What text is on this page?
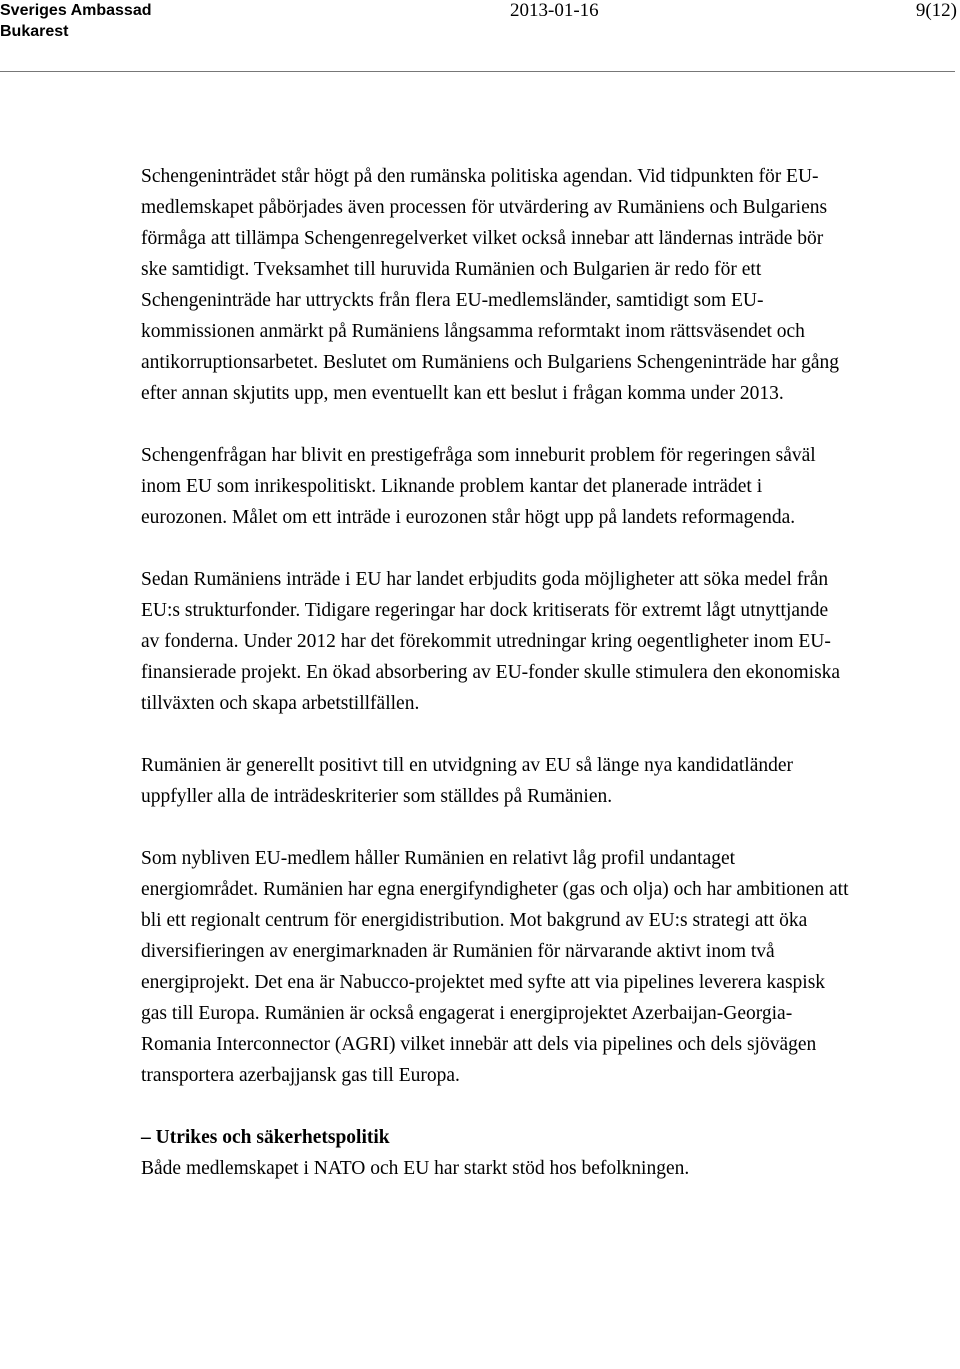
Sveriges Ambassad
Bukarest
2013-01-16	9(12)

Schengeninträdet står högt på den rumänska politiska agendan. Vid tidpunkten för EU-medlemskapet påbörjades även processen för utvärdering av Rumäniens och Bulgariens förmåga att tillämpa Schengenregelverket vilket också innebar att ländernas inträde bör ske samtidigt. Tveksamhet till huruvida Rumänien och Bulgarien är redo för ett Schengeninträde har uttryckts från flera EU-medlemsländer, samtidigt som EU-kommissionen anmärkt på Rumäniens långsamma reformtakt inom rättsväsendet och antikorruptionsarbetet. Beslutet om Rumäniens och Bulgariens Schengeninträde har gång efter annan skjutits upp, men eventuellt kan ett beslut i frågan komma under 2013.

Schengenfrågan har blivit en prestigefråga som inneburit problem för regeringen såväl inom EU som inrikespolitiskt. Liknande problem kantar det planerade inträdet i eurozonen. Målet om ett inträde i eurozonen står högt upp på landets reformagenda.

Sedan Rumäniens inträde i EU har landet erbjudits goda möjligheter att söka medel från EU:s strukturfonder. Tidigare regeringar har dock kritiserats för extremt lågt utnyttjande av fonderna. Under 2012 har det förekommit utredningar kring oegentligheter inom EU-finansierade projekt. En ökad absorbering av EU-fonder skulle stimulera den ekonomiska tillväxten och skapa arbetstillfällen.

Rumänien är generellt positivt till en utvidgning av EU så länge nya kandidatländer uppfyller alla de inträdeskriterier som ställdes på Rumänien.

Som nybliven EU-medlem håller Rumänien en relativt låg profil undantaget energiområdet. Rumänien har egna energifyndigheter (gas och olja) och har ambitionen att bli ett regionalt centrum för energidistribution. Mot bakgrund av EU:s strategi att öka diversifieringen av energimarknaden är Rumänien för närvarande aktivt inom två energiprojekt. Det ena är Nabucco-projektet med syfte att via pipelines leverera kaspisk gas till Europa. Rumänien är också engagerat i energiprojektet Azerbaijan-Georgia-Romania Interconnector (AGRI) vilket innebär att dels via pipelines och dels sjövägen transportera azerbajjansk gas till Europa.

– Utrikes och säkerhetspolitik

Både medlemskapet i NATO och EU har starkt stöd hos befolkningen.
